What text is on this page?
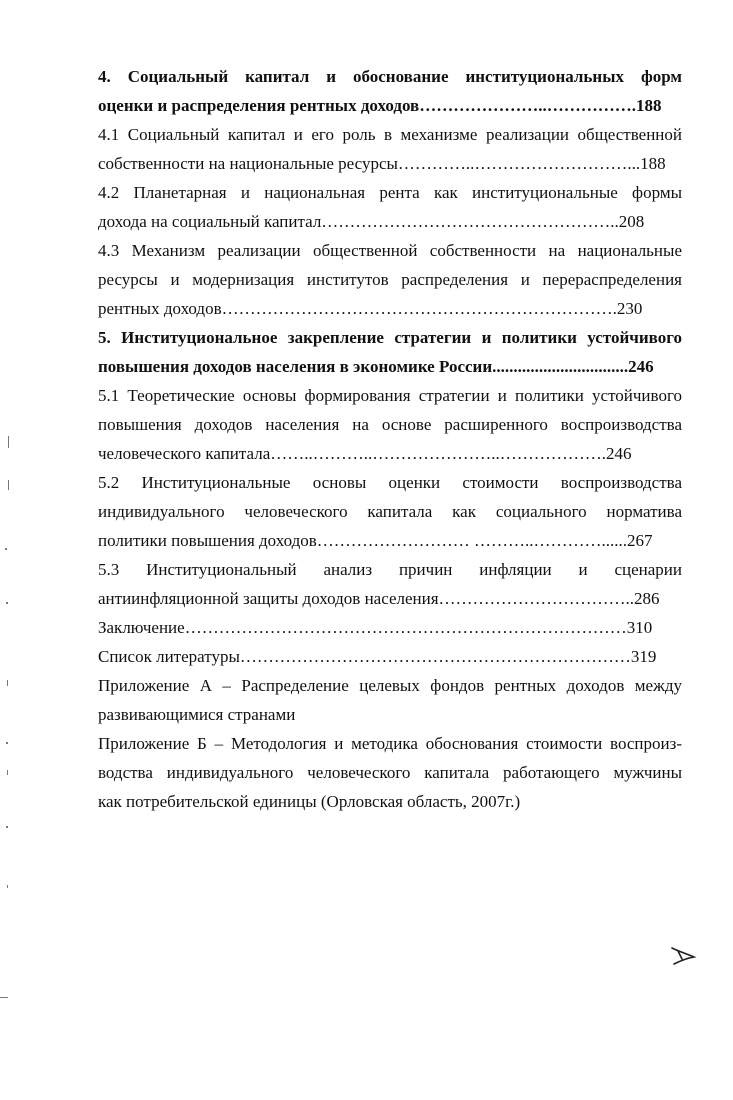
4. Социальный капитал и обоснование институциональных форм
оценки и распределения рентных доходов…………………..…………….188
4.1 Социальный капитал и его роль в механизме реализации общественной
собственности на национальные ресурсы…………..………………………...188
4.2 Планетарная и национальная рента как институциональные формы
дохода на социальный капитал……………………………………………..208
4.3 Механизм реализации общественной собственности на национальные
ресурсы и модернизация институтов распределения и перераспределения
рентных доходов…………………………………………………………….230
5. Институциональное закрепление стратегии и политики устойчивого
повышения доходов населения в экономике России................................246
5.1 Теоретические основы формирования стратегии и политики устойчивого
повышения доходов населения на основе расширенного воспроизводства
человеческого капитала……..………..…………………..……………….246
5.2 Институциональные основы оценки стоимости воспроизводства
индивидуального человеческого капитала как социального норматива
политики повышения доходов……………………… ………..…………......267
5.3 Институциональный анализ причин инфляции и сценарии
антиинфляционной защиты доходов населения……………………………..286
Заключение……………………………………………………………………310
Список литературы……………………………………………………………319
Приложение А – Распределение целевых фондов рентных доходов между
развивающимися странами
Приложение Б – Методология и методика обоснования стоимости воспроиз-
водства индивидуального человеческого капитала работающего мужчины
как потребительской единицы (Орловская область, 2007г.)
